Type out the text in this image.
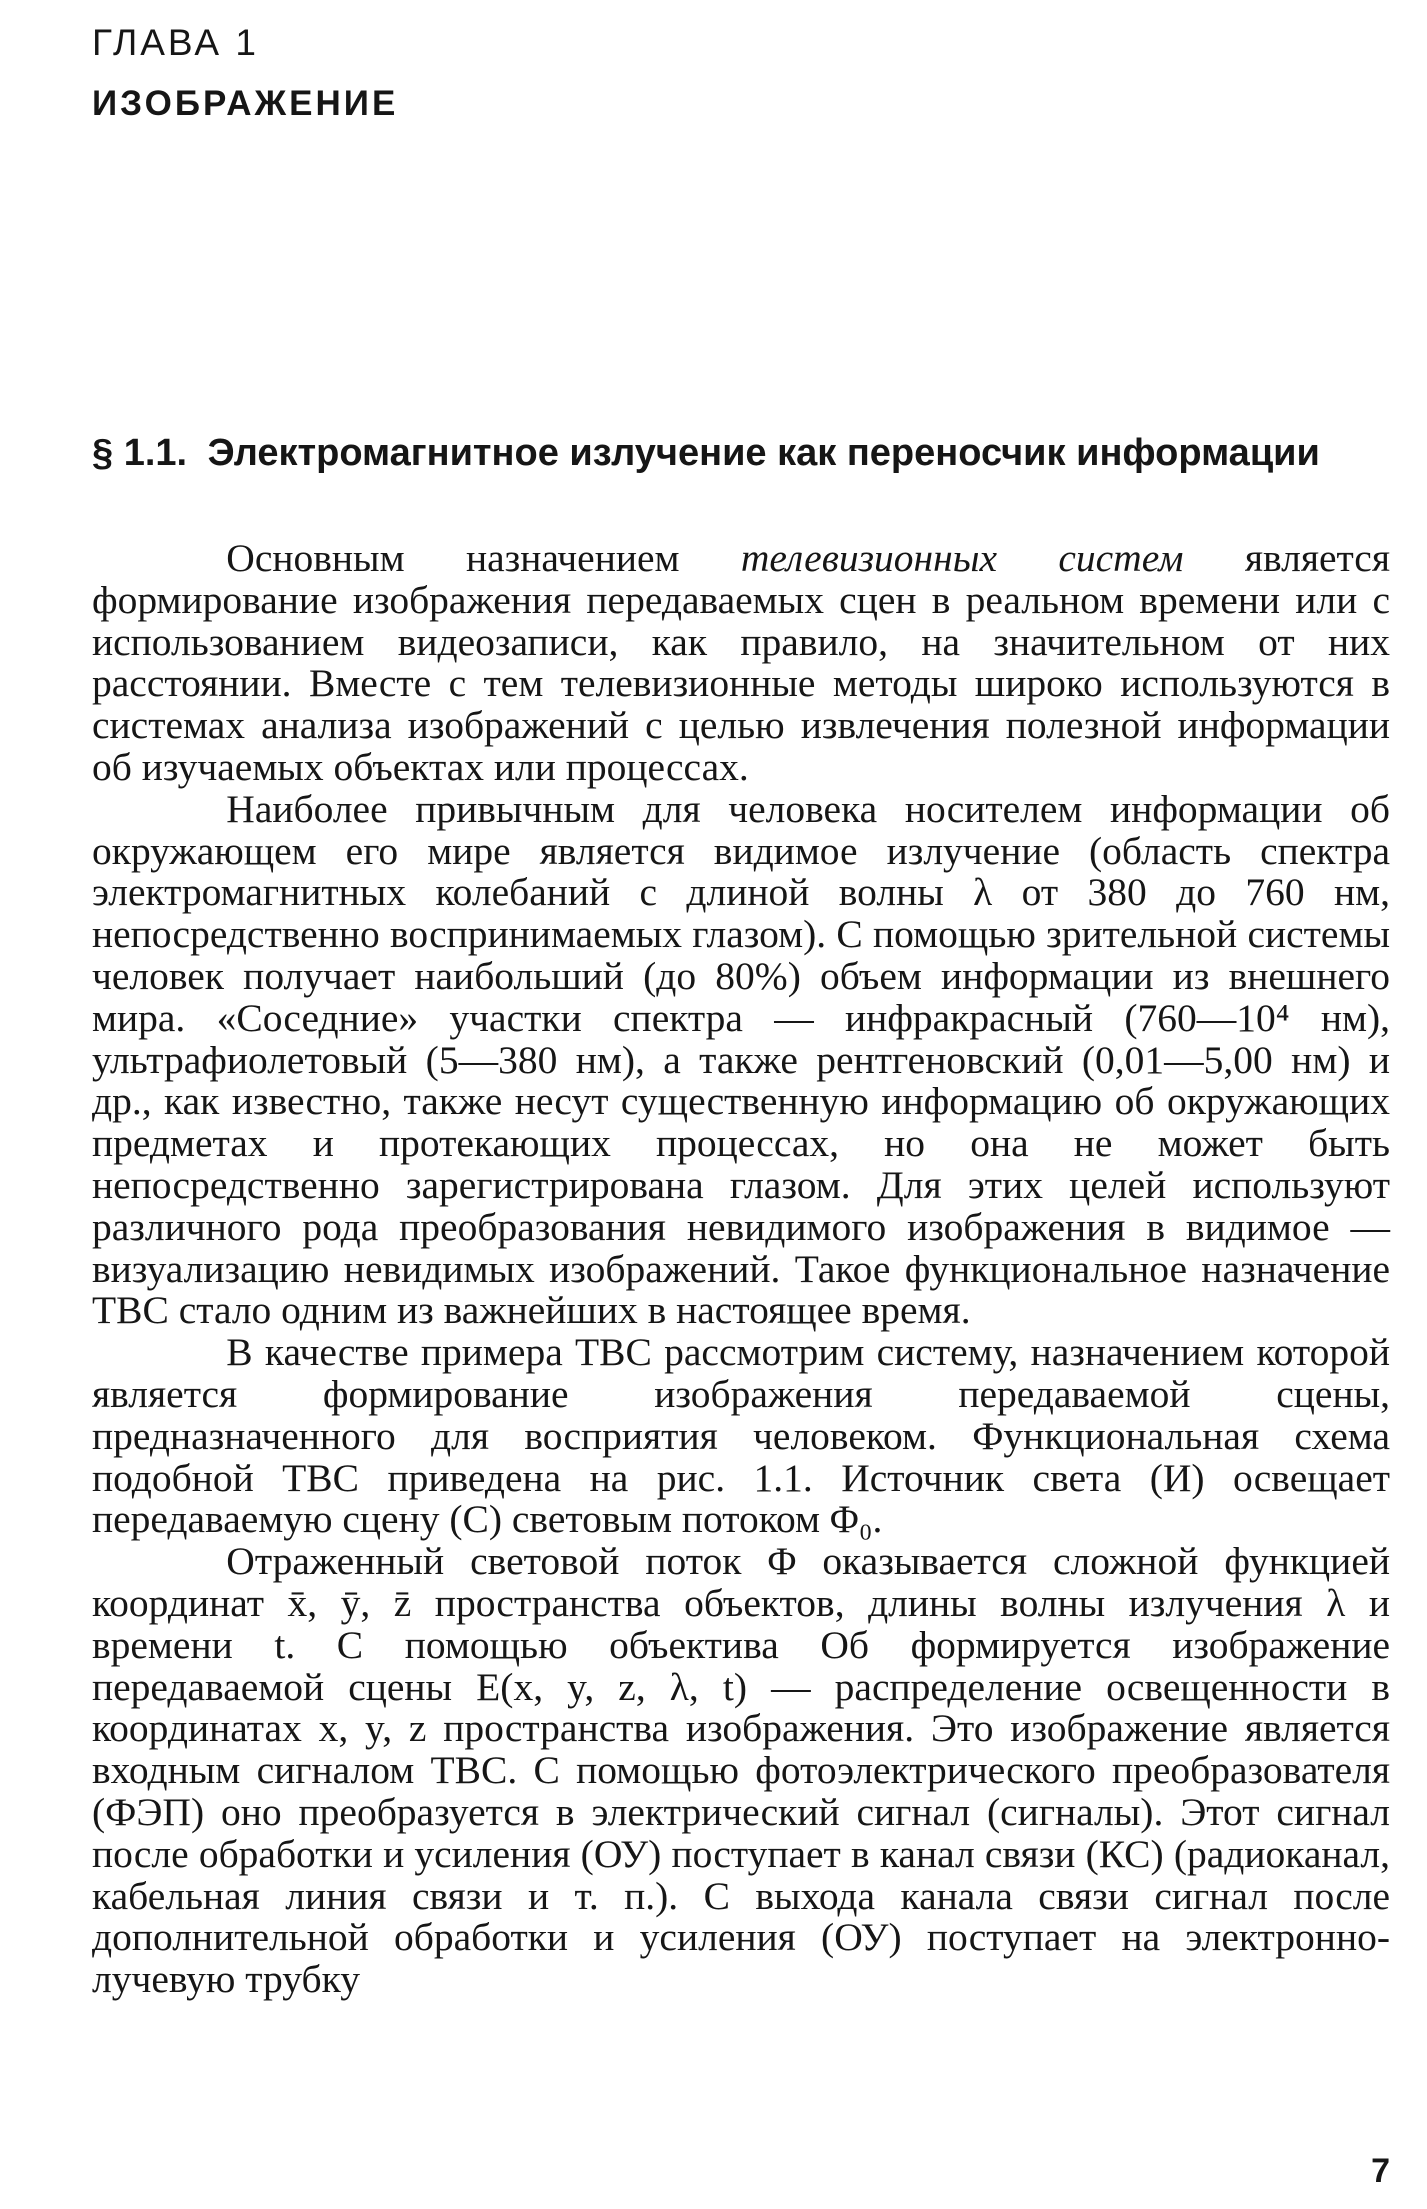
ГЛАВА 1
ИЗОБРАЖЕНИЕ
§ 1.1. Электромагнитное излучение как переносчик информации

Основным назначением телевизионных систем является формирование изображения передаваемых сцен в реальном времени или с использованием видеозаписи, как правило, на значительном от них расстоянии. Вместе с тем телевизионные методы широко используются в системах анализа изображений с целью извлечения полезной информации об изучаемых объектах или процессах.

Наиболее привычным для человека носителем информации об окружающем его мире является видимое излучение (область спектра электромагнитных колебаний с длиной волны λ от 380 до 760 нм, непосредственно воспринимаемых глазом). С помощью зрительной системы человек получает наибольший (до 80%) объем информации из внешнего мира. «Соседние» участки спектра — инфракрасный (760—10⁴ нм), ультрафиолетовый (5—380 нм), а также рентгеновский (0,01—5,00 нм) и др., как известно, также несут существенную информацию об окружающих предметах и протекающих процессах, но она не может быть непосредственно зарегистрирована глазом. Для этих целей используют различного рода преобразования невидимого изображения в видимое — визуализацию невидимых изображений. Такое функциональное назначение ТВС стало одним из важнейших в настоящее время.

В качестве примера ТВС рассмотрим систему, назначением которой является формирование изображения передаваемой сцены, предназначенного для восприятия человеком. Функциональная схема подобной ТВС приведена на рис. 1.1. Источник света (И) освещает передаваемую сцену (С) световым потоком Φ₀.

Отраженный световой поток Φ оказывается сложной функцией координат x̄, ȳ, z̄ пространства объектов, длины волны излучения λ и времени t. С помощью объектива Об формируется изображение передаваемой сцены E(x, y, z, λ, t) — распределение освещенности в координатах x, y, z пространства изображения. Это изображение является входным сигналом ТВС. С помощью фотоэлектрического преобразователя (ФЭП) оно преобразуется в электрический сигнал (сигналы). Этот сигнал после обработки и усиления (ОУ) поступает в канал связи (КС) (радиоканал, кабельная линия связи и т. п.). С выхода канала связи сигнал после дополнительной обработки и усиления (ОУ) поступает на электронно-лучевую трубку

7
